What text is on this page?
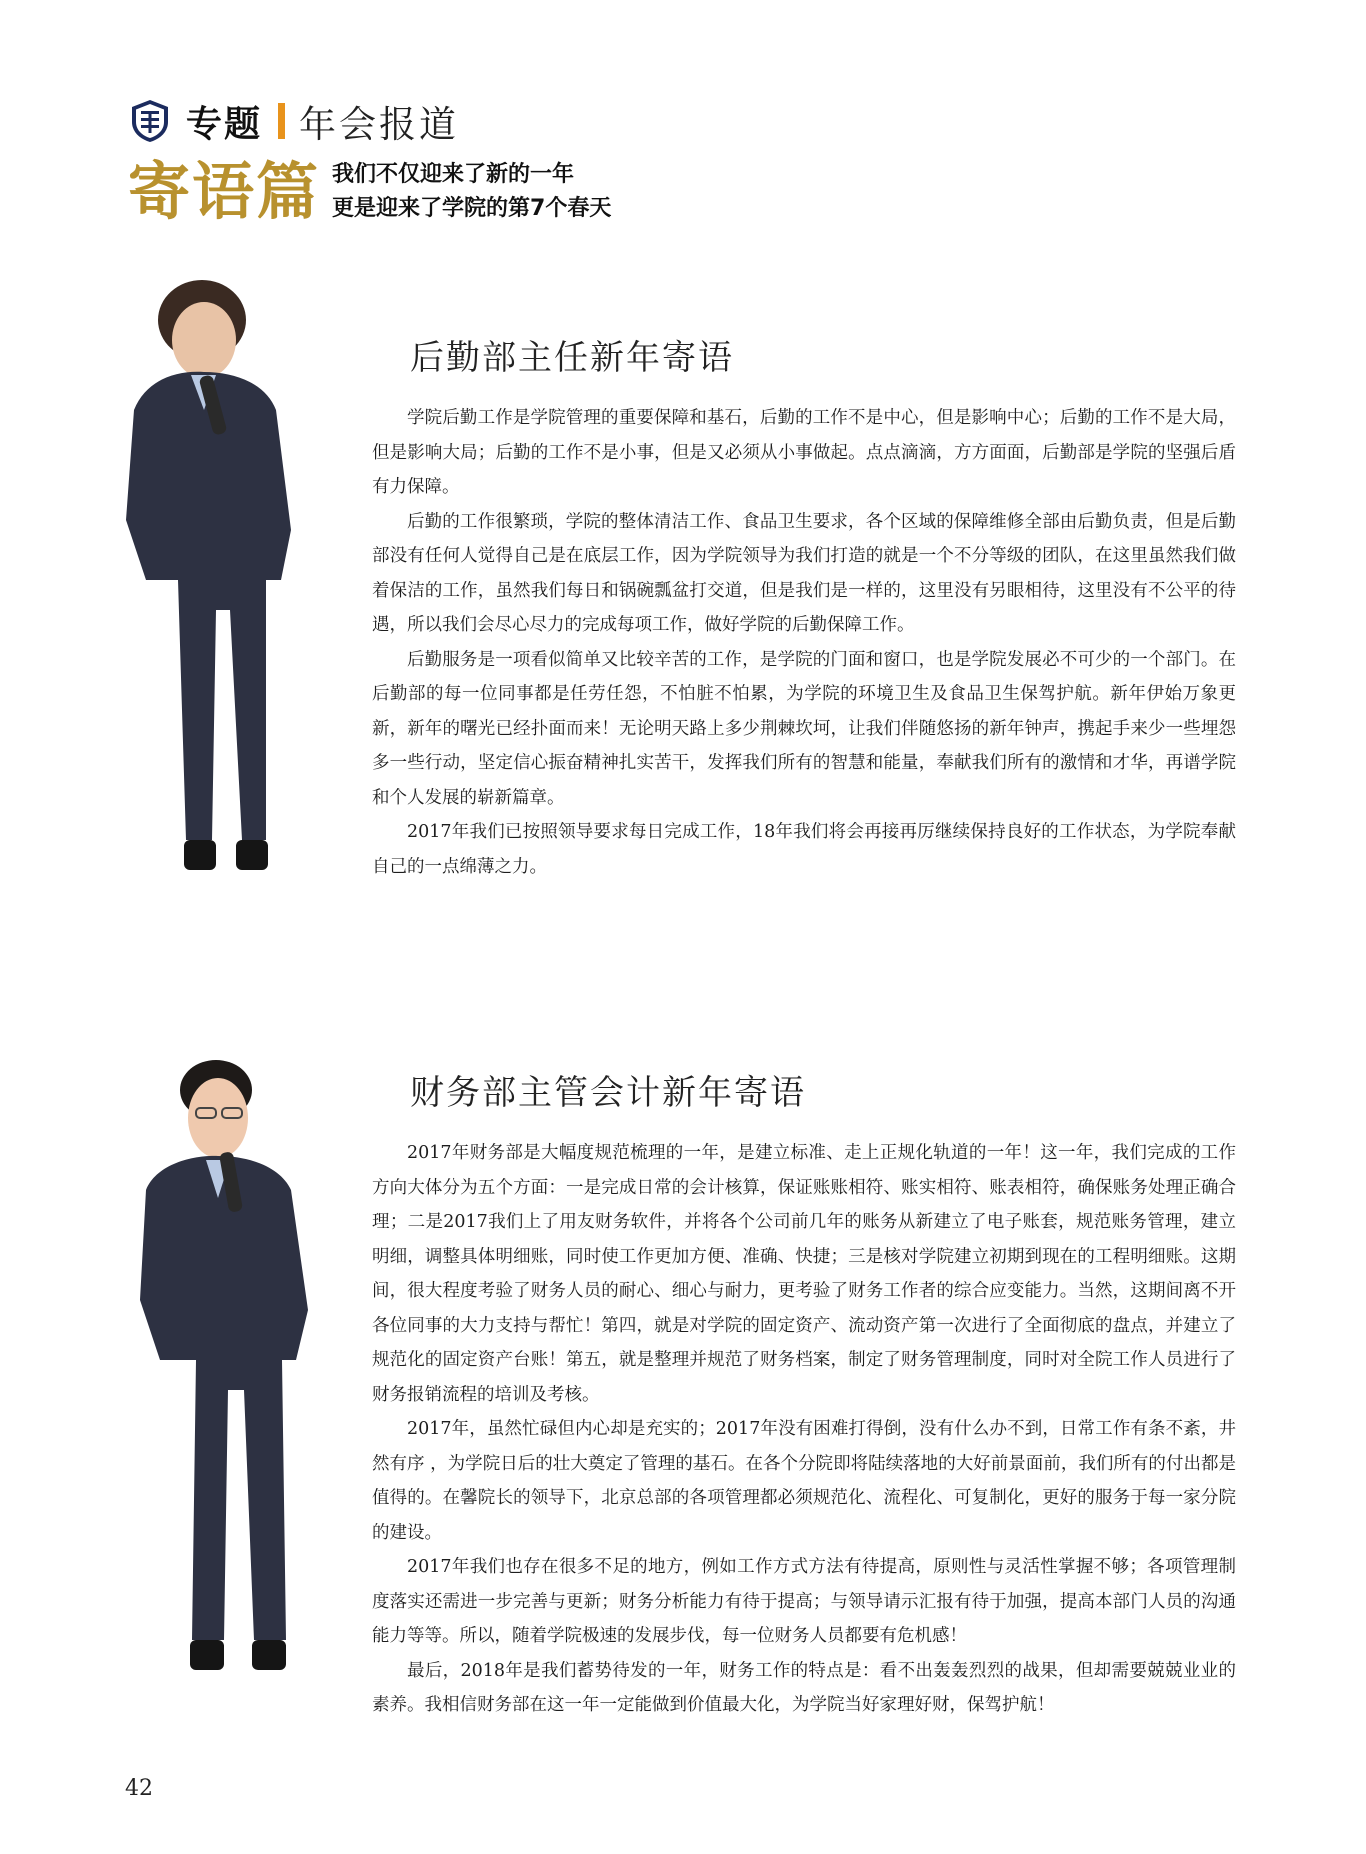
专题 年会报道
寄语篇 我们不仅迎来了新的一年
更是迎来了学院的第7个春天
后勤部主任新年寄语

学院后勤工作是学院管理的重要保障和基石，后勤的工作不是中心，但是影响中心；后勤的工作不是大局，但是影响大局；后勤的工作不是小事，但是又必须从小事做起。点点滴滴，方方面面，后勤部是学院的坚强后盾有力保障。

后勤的工作很繁琐，学院的整体清洁工作、食品卫生要求，各个区域的保障维修全部由后勤负责，但是后勤部没有任何人觉得自己是在底层工作，因为学院领导为我们打造的就是一个不分等级的团队，在这里虽然我们做着保洁的工作，虽然我们每日和锅碗瓢盆打交道，但是我们是一样的，这里没有另眼相待，这里没有不公平的待遇，所以我们会尽心尽力的完成每项工作，做好学院的后勤保障工作。

后勤服务是一项看似简单又比较辛苦的工作，是学院的门面和窗口，也是学院发展必不可少的一个部门。在后勤部的每一位同事都是任劳任怨，不怕脏不怕累，为学院的环境卫生及食品卫生保驾护航。新年伊始万象更新，新年的曙光已经扑面而来！无论明天路上多少荆棘坎坷，让我们伴随悠扬的新年钟声，携起手来少一些埋怨多一些行动，坚定信心振奋精神扎实苦干，发挥我们所有的智慧和能量，奉献我们所有的激情和才华，再谱学院和个人发展的崭新篇章。

2017年我们已按照领导要求每日完成工作，18年我们将会再接再厉继续保持良好的工作状态，为学院奉献自己的一点绵薄之力。

财务部主管会计新年寄语

2017年财务部是大幅度规范梳理的一年，是建立标准、走上正规化轨道的一年！这一年，我们完成的工作方向大体分为五个方面：一是完成日常的会计核算，保证账账相符、账实相符、账表相符，确保账务处理正确合理；二是2017我们上了用友财务软件，并将各个公司前几年的账务从新建立了电子账套，规范账务管理，建立明细，调整具体明细账，同时使工作更加方便、准确、快捷；三是核对学院建立初期到现在的工程明细账。这期间，很大程度考验了财务人员的耐心、细心与耐力，更考验了财务工作者的综合应变能力。当然，这期间离不开各位同事的大力支持与帮忙！第四，就是对学院的固定资产、流动资产第一次进行了全面彻底的盘点，并建立了规范化的固定资产台账！第五，就是整理并规范了财务档案，制定了财务管理制度，同时对全院工作人员进行了财务报销流程的培训及考核。

2017年，虽然忙碌但内心却是充实的；2017年没有困难打得倒，没有什么办不到，日常工作有条不紊，井然有序 ，为学院日后的壮大奠定了管理的基石。在各个分院即将陆续落地的大好前景面前，我们所有的付出都是值得的。在馨院长的领导下，北京总部的各项管理都必须规范化、流程化、可复制化，更好的服务于每一家分院的建设。

2017年我们也存在很多不足的地方，例如工作方式方法有待提高，原则性与灵活性掌握不够；各项管理制度落实还需进一步完善与更新；财务分析能力有待于提高；与领导请示汇报有待于加强，提高本部门人员的沟通能力等等。所以，随着学院极速的发展步伐，每一位财务人员都要有危机感！

最后，2018年是我们蓄势待发的一年，财务工作的特点是：看不出轰轰烈烈的战果，但却需要兢兢业业的素养。我相信财务部在这一年一定能做到价值最大化，为学院当好家理好财，保驾护航！

42
